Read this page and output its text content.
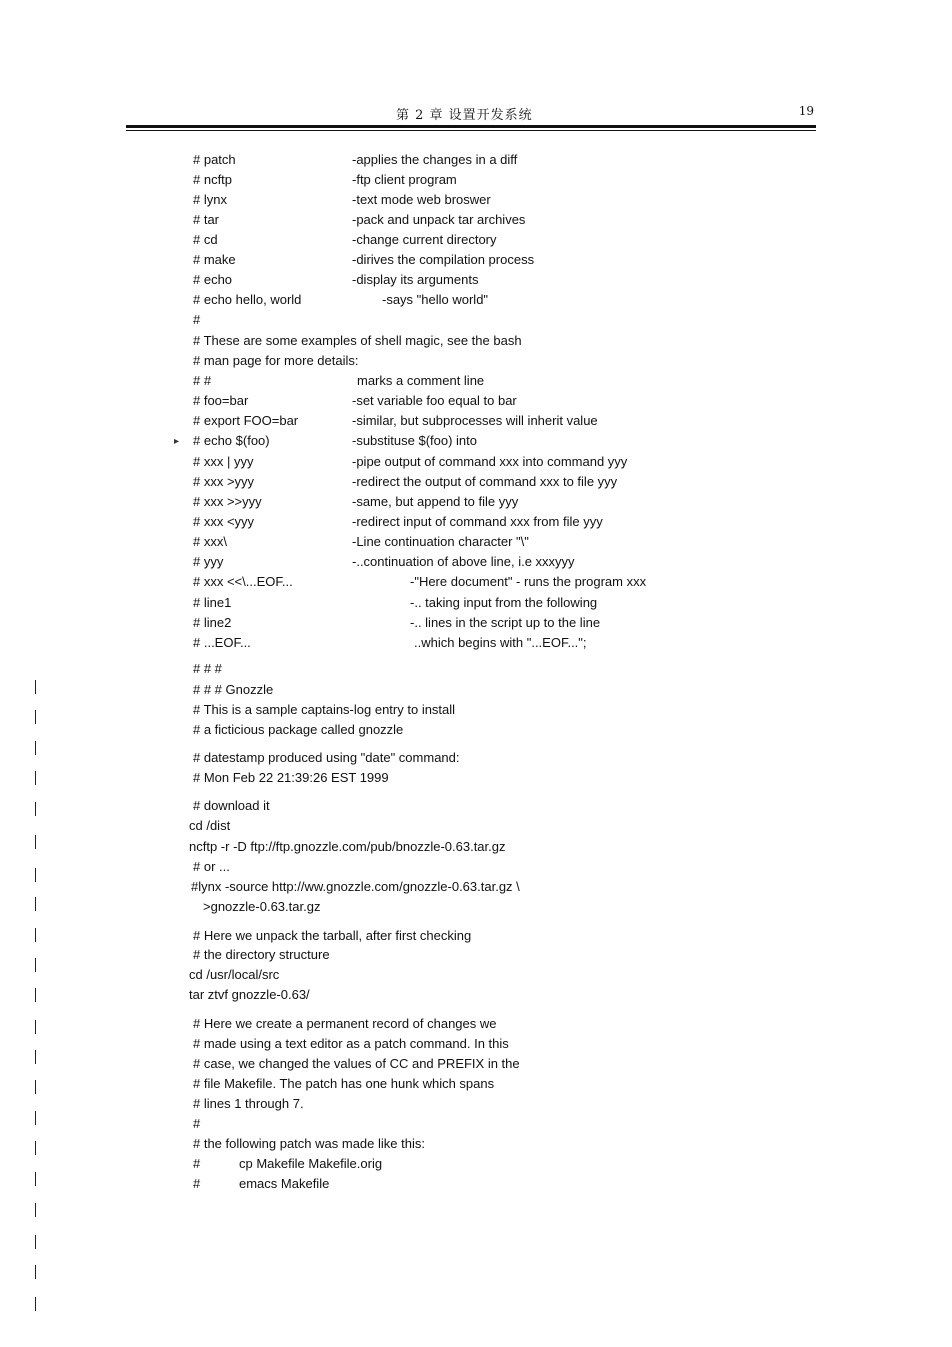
第 2 章 设置开发系统	19
▸
# patch	-applies the changes in a diff
# ncftp	-ftp client program
# lynx	-text mode web broswer
# tar	-pack and unpack tar archives
# cd	-change current directory
# make	-dirives the compilation process
# echo	-display its arguments
# echo hello, world	-says "hello world"
#
# These are some examples of shell magic, see the bash
# man page for more details:
# #	marks a comment line
# foo=bar	-set variable foo equal to bar
# export FOO=bar	-similar, but subprocesses will inherit value
# echo $(foo)	-substituse $(foo) into
# xxx | yyy	-pipe output of command xxx into command yyy
# xxx >yyy	-redirect the output of command xxx to file yyy
# xxx >>yyy	-same, but append to file yyy
# xxx <yyy	-redirect input of command xxx from file yyy
# xxx\	-Line continuation character "\"
# yyy	-..continuation of above line, i.e xxxyyy
# xxx <<\...EOF...	-"Here document" - runs the program xxx
# line1	-.. taking input from the following
# line2	-.. lines in the script up to the line
# ...EOF...	..which begins with "...EOF...";
# # #
# # # Gnozzle
# This is a sample captains-log entry to install
# a ficticious package called gnozzle
# datestamp produced using "date" command:
# Mon Feb 22 21:39:26 EST 1999
# download it
cd /dist
ncftp -r -D ftp://ftp.gnozzle.com/pub/bnozzle-0.63.tar.gz
# or ...
#lynx -source http://ww.gnozzle.com/gnozzle-0.63.tar.gz \
>gnozzle-0.63.tar.gz
# Here we unpack the tarball, after first checking
# the directory structure
cd /usr/local/src
tar ztvf gnozzle-0.63/
# Here we create a permanent record of changes we
# made using a text editor as a patch command. In this
# case, we changed the values of CC and PREFIX in the
# file Makefile. The patch has one hunk which spans
# lines 1 through 7.
#
# the following patch was made like this:
#	cp Makefile Makefile.orig
#	emacs Makefile
